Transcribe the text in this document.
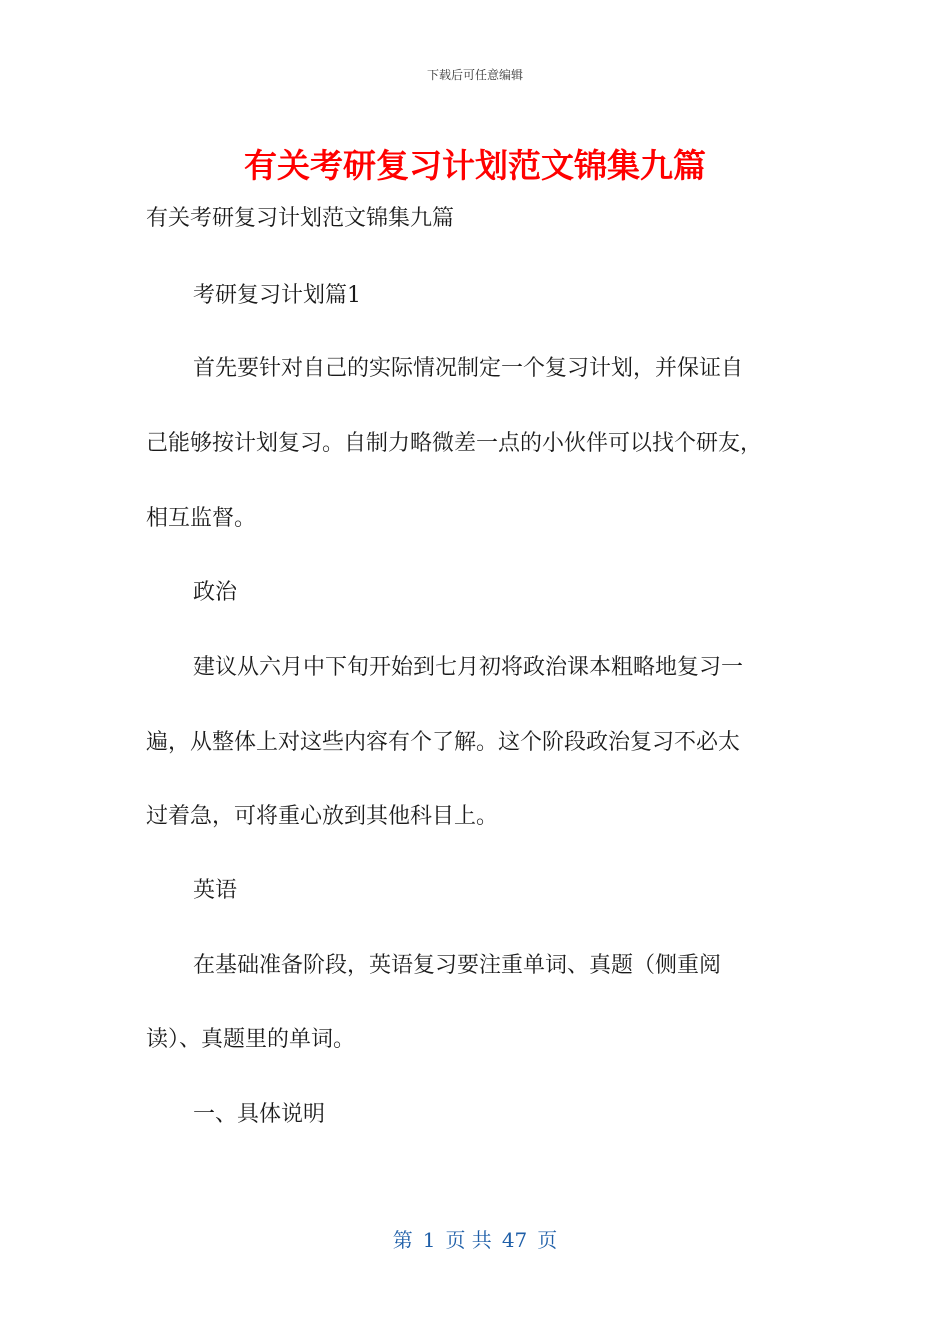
下载后可任意编辑
有关考研复习计划范文锦集九篇
有关考研复习计划范文锦集九篇
考研复习计划篇1
首先要针对自己的实际情况制定一个复习计划，并保证自
己能够按计划复习。自制力略微差一点的小伙伴可以找个研友，
相互监督。
政治
建议从六月中下旬开始到七月初将政治课本粗略地复习一
遍，从整体上对这些内容有个了解。这个阶段政治复习不必太
过着急，可将重心放到其他科目上。
英语
在基础准备阶段，英语复习要注重单词、真题（侧重阅
读）、真题里的单词。
一、具体说明
第 1 页 共 47 页
